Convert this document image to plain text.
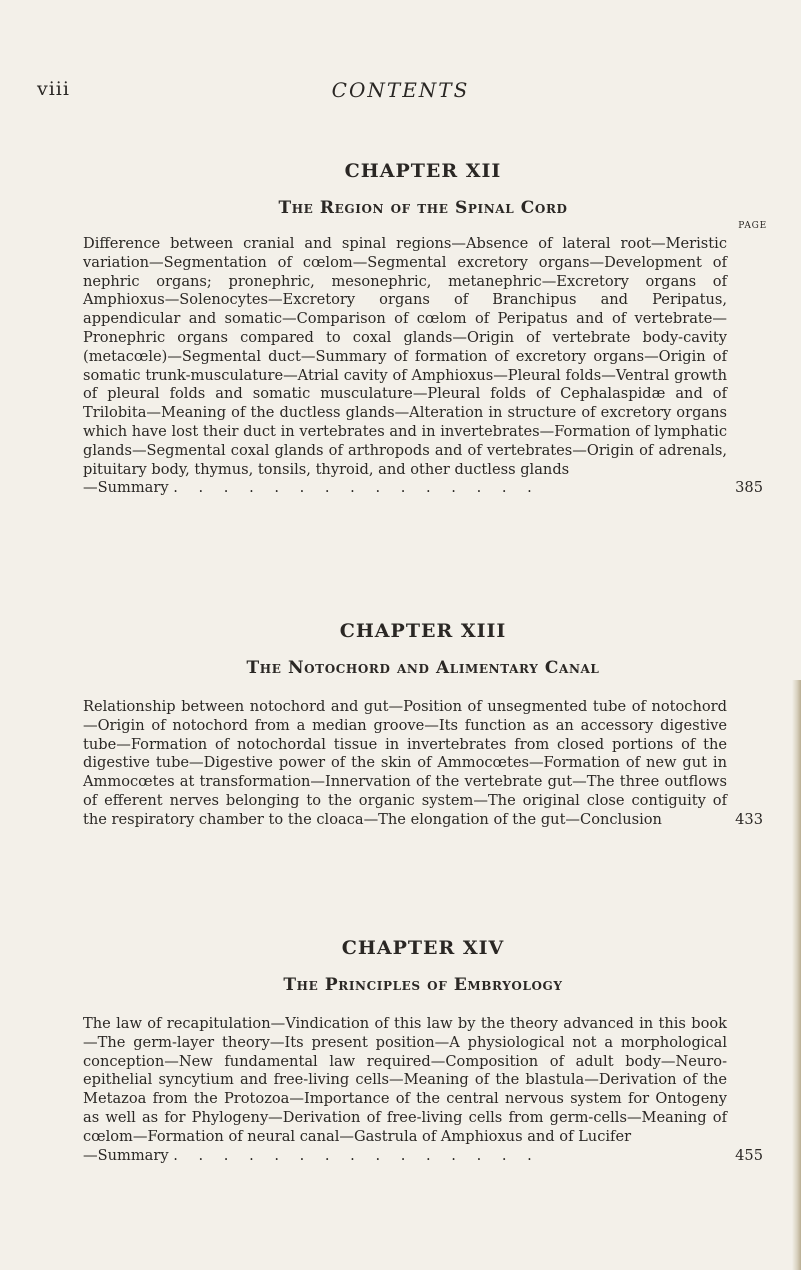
viii	CONTENTS
CHAPTER XII
The Region of the Spinal Cord
PAGE

Difference between cranial and spinal regions—Absence of lateral root—Meristic variation—Segmentation of cœlom—Segmental excretory organs—Development of nephric organs; pronephric, mesonephric, metanephric—Excretory organs of Amphioxus—Solenocytes—Excretory organs of Branchipus and Peripatus, appendicular and somatic—Comparison of cœlom of Peripatus and of vertebrate—Pronephric organs compared to coxal glands—Origin of vertebrate body-cavity (metacœle)—Segmental duct—Summary of formation of excretory organs—Origin of somatic trunk-musculature—Atrial cavity of Amphioxus—Pleural folds—Ventral growth of pleural folds and somatic musculature—Pleural folds of Cephalaspidæ and of Trilobita—Meaning of the ductless glands—Alteration in structure of excretory organs which have lost their duct in vertebrates and in invertebrates—Formation of lymphatic glands—Segmental coxal glands of arthropods and of vertebrates—Origin of adrenals, pituitary body, thymus, tonsils, thyroid, and other ductless glands

—Summary . . . . . . . . . . . . . . .	385
CHAPTER XIII
The Notochord and Alimentary Canal

Relationship between notochord and gut—Position of unsegmented tube of notochord—Origin of notochord from a median groove—Its function as an accessory digestive tube—Formation of notochordal tissue in invertebrates from closed portions of the digestive tube—Digestive power of the skin of Ammocœtes—Formation of new gut in Ammocœtes at transformation—Innervation of the vertebrate gut—The three outflows of efferent nerves belonging to the organic system—The original close contiguity of the respiratory chamber to the cloaca—The elongation of the gut—Conclusion	433
CHAPTER XIV
The Principles of Embryology

The law of recapitulation—Vindication of this law by the theory advanced in this book—The germ-layer theory—Its present position—A physiological not a morphological conception—New fundamental law required—Composition of adult body—Neuro-epithelial syncytium and free-living cells—Meaning of the blastula—Derivation of the Metazoa from the Protozoa—Importance of the central nervous system for Ontogeny as well as for Phylogeny—Derivation of free-living cells from germ-cells—Meaning of cœlom—Formation of neural canal—Gastrula of Amphioxus and of Lucifer

—Summary . . . . . . . . . . . . . . .	455
